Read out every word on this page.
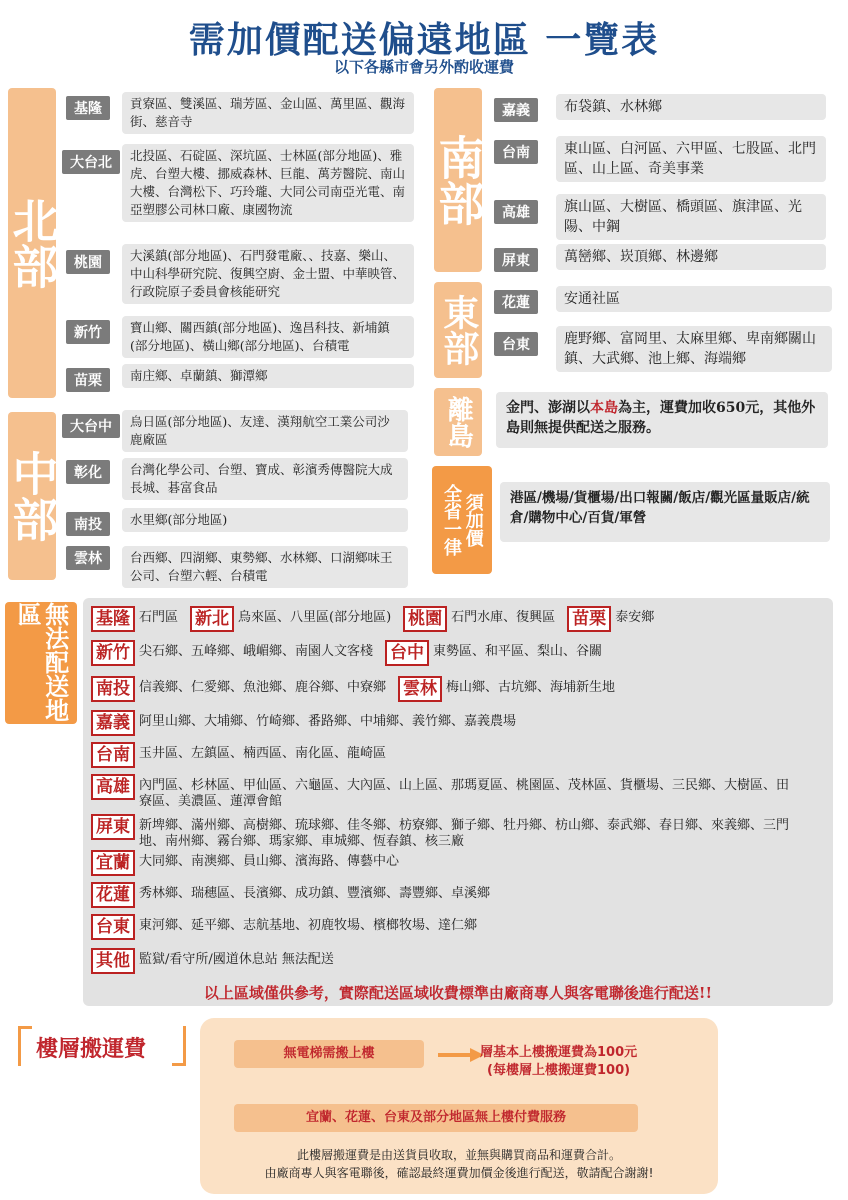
需加價配送偏遠地區 一覽表
以下各縣市會另外酌收運費
北部
基隆	貢寮區、雙溪區、瑞芳區、金山區、萬里區、觀海街、慈音寺
大台北	北投區、石碇區、深坑區、士林區(部分地區)、雅虎、台塑大樓、挪威森林、巨龍、萬芳醫院、南山大樓、台灣松下、巧玲瓏、大同公司南亞光電、南亞塑膠公司林口廠、康國物流
桃園	大溪鎮(部分地區)、石門發電廠、、技嘉、樂山、中山科學研究院、復興空廚、金士盟、中華映管、行政院原子委員會核能研究
新竹	寶山鄉、關西鎮(部分地區)、逸昌科技、新埔鎮(部分地區)、橫山鄉(部分地區)、台積電
苗栗	南庄鄉、卓蘭鎮、獅潭鄉
中部
大台中	烏日區(部分地區)、友達、漢翔航空工業公司沙鹿廠區
彰化	台灣化學公司、台塑、寶成、彰濱秀傳醫院大成長城、碁富食品
南投	水里鄉(部分地區)
雲林	台西鄉、四湖鄉、東勢鄉、水林鄉、口湖鄉味王公司、台塑六輕、台積電
南部
嘉義	布袋鎮、水林鄉
台南	東山區、白河區、六甲區、七股區、北門區、山上區、奇美事業
高雄	旗山區、大樹區、橋頭區、旗津區、光陽、中鋼
屏東	萬巒鄉、崁頂鄉、林邊鄉
東部	花蓮	安通社區
台東	鹿野鄉、富岡里、太麻里鄉、卑南鄉關山鎮、大武鄉、池上鄉、海端鄉
離島	金門、澎湖以本島為主，運費加收650元，其他外島則無提供配送之服務。
全省一律 須加價	港區/機場/貨櫃場/出口報關/飯店/觀光區量販店/統倉/購物中心/百貨/軍營
無法配送地區	基隆 石門區 新北 烏來區、八里區(部分地區) 桃園 石門水庫、復興區 苗栗 泰安鄉
新竹 尖石鄉、五峰鄉、峨嵋鄉、南園人文客棧 台中 東勢區、和平區、梨山、谷關
南投 信義鄉、仁愛鄉、魚池鄉、鹿谷鄉、中寮鄉 雲林 梅山鄉、古坑鄉、海埔新生地
嘉義 阿里山鄉、大埔鄉、竹崎鄉、番路鄉、中埔鄉、義竹鄉、嘉義農場
台南 玉井區、左鎮區、楠西區、南化區、龍崎區
高雄 內門區、杉林區、甲仙區、六龜區、大內區、山上區、那瑪夏區、桃園區、茂林區、貨櫃場、三民鄉、大樹區、田寮區、美濃區、蓮潭會館
屏東 新埤鄉、滿州鄉、高樹鄉、琉球鄉、佳冬鄉、枋寮鄉、獅子鄉、牡丹鄉、枋山鄉、泰武鄉、春日鄉、來義鄉、三門地、南州鄉、霧台鄉、瑪家鄉、車城鄉、恆春鎮、核三廠
宜蘭 大同鄉、南澳鄉、員山鄉、濱海路、傳藝中心
花蓮 秀林鄉、瑞穗區、長濱鄉、成功鎮、豐濱鄉、壽豐鄉、卓溪鄉
台東 東河鄉、延平鄉、志航基地、初鹿牧場、檳榔牧場、達仁鄉
其他 監獄/看守所/國道休息站 無法配送
以上區域僅供參考，實際配送區域收費標準由廠商專人與客電聯後進行配送!!
樓層搬運費	無電梯需搬上樓	層基本上樓搬運費為100元
(每樓層上樓搬運費100)
宜蘭、花蓮、台東及部分地區無上樓付費服務
此樓層搬運費是由送貨員收取，並無與購買商品和運費合計。
由廠商專人與客電聯後，確認最終運費加價金後進行配送，敬請配合謝謝!
